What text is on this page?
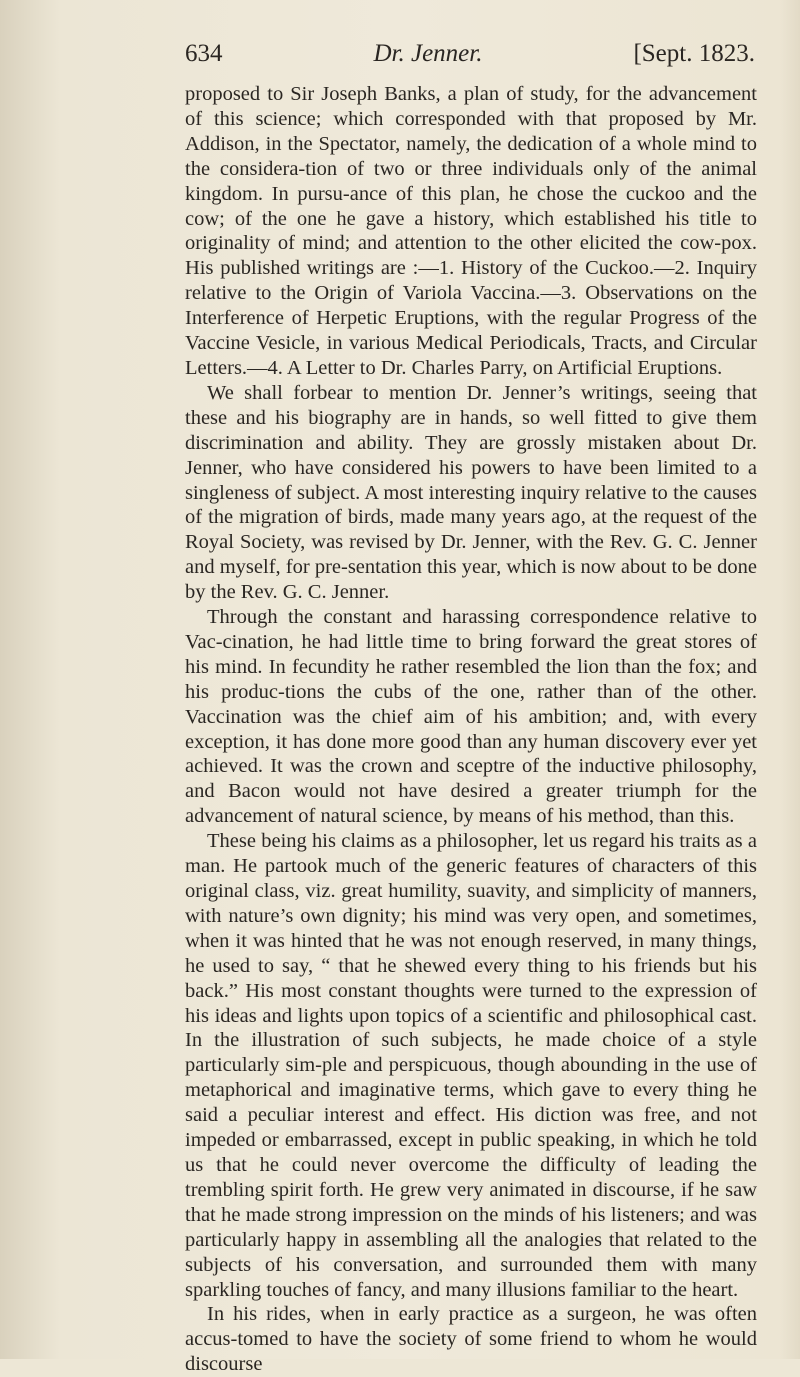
634	Dr. Jenner.	[Sept. 1823.

proposed to Sir Joseph Banks, a plan of study, for the advancement of this science; which corresponded with that proposed by Mr. Addison, in the Spectator, namely, the dedication of a whole mind to the considera-tion of two or three individuals only of the animal kingdom. In pursu-ance of this plan, he chose the cuckoo and the cow; of the one he gave a history, which established his title to originality of mind; and attention to the other elicited the cow-pox. His published writings are :—1. History of the Cuckoo.—2. Inquiry relative to the Origin of Variola Vaccina.—3. Observations on the Interference of Herpetic Eruptions, with the regular Progress of the Vaccine Vesicle, in various Medical Periodicals, Tracts, and Circular Letters.—4. A Letter to Dr. Charles Parry, on Artificial Eruptions.

We shall forbear to mention Dr. Jenner’s writings, seeing that these and his biography are in hands, so well fitted to give them discrimination and ability. They are grossly mistaken about Dr. Jenner, who have considered his powers to have been limited to a singleness of subject. A most interesting inquiry relative to the causes of the migration of birds, made many years ago, at the request of the Royal Society, was revised by Dr. Jenner, with the Rev. G. C. Jenner and myself, for pre-sentation this year, which is now about to be done by the Rev. G. C. Jenner.

Through the constant and harassing correspondence relative to Vac-cination, he had little time to bring forward the great stores of his mind. In fecundity he rather resembled the lion than the fox; and his produc-tions the cubs of the one, rather than of the other. Vaccination was the chief aim of his ambition; and, with every exception, it has done more good than any human discovery ever yet achieved. It was the crown and sceptre of the inductive philosophy, and Bacon would not have desired a greater triumph for the advancement of natural science, by means of his method, than this.

These being his claims as a philosopher, let us regard his traits as a man. He partook much of the generic features of characters of this original class, viz. great humility, suavity, and simplicity of manners, with nature’s own dignity; his mind was very open, and sometimes, when it was hinted that he was not enough reserved, in many things, he used to say, “ that he shewed every thing to his friends but his back.” His most constant thoughts were turned to the expression of his ideas and lights upon topics of a scientific and philosophical cast. In the illustration of such subjects, he made choice of a style particularly sim-ple and perspicuous, though abounding in the use of metaphorical and imaginative terms, which gave to every thing he said a peculiar interest and effect. His diction was free, and not impeded or embarrassed, except in public speaking, in which he told us that he could never overcome the difficulty of leading the trembling spirit forth. He grew very animated in discourse, if he saw that he made strong impression on the minds of his listeners; and was particularly happy in assembling all the analogies that related to the subjects of his conversation, and surrounded them with many sparkling touches of fancy, and many illusions familiar to the heart.

In his rides, when in early practice as a surgeon, he was often accus-tomed to have the society of some friend to whom he would discourse
